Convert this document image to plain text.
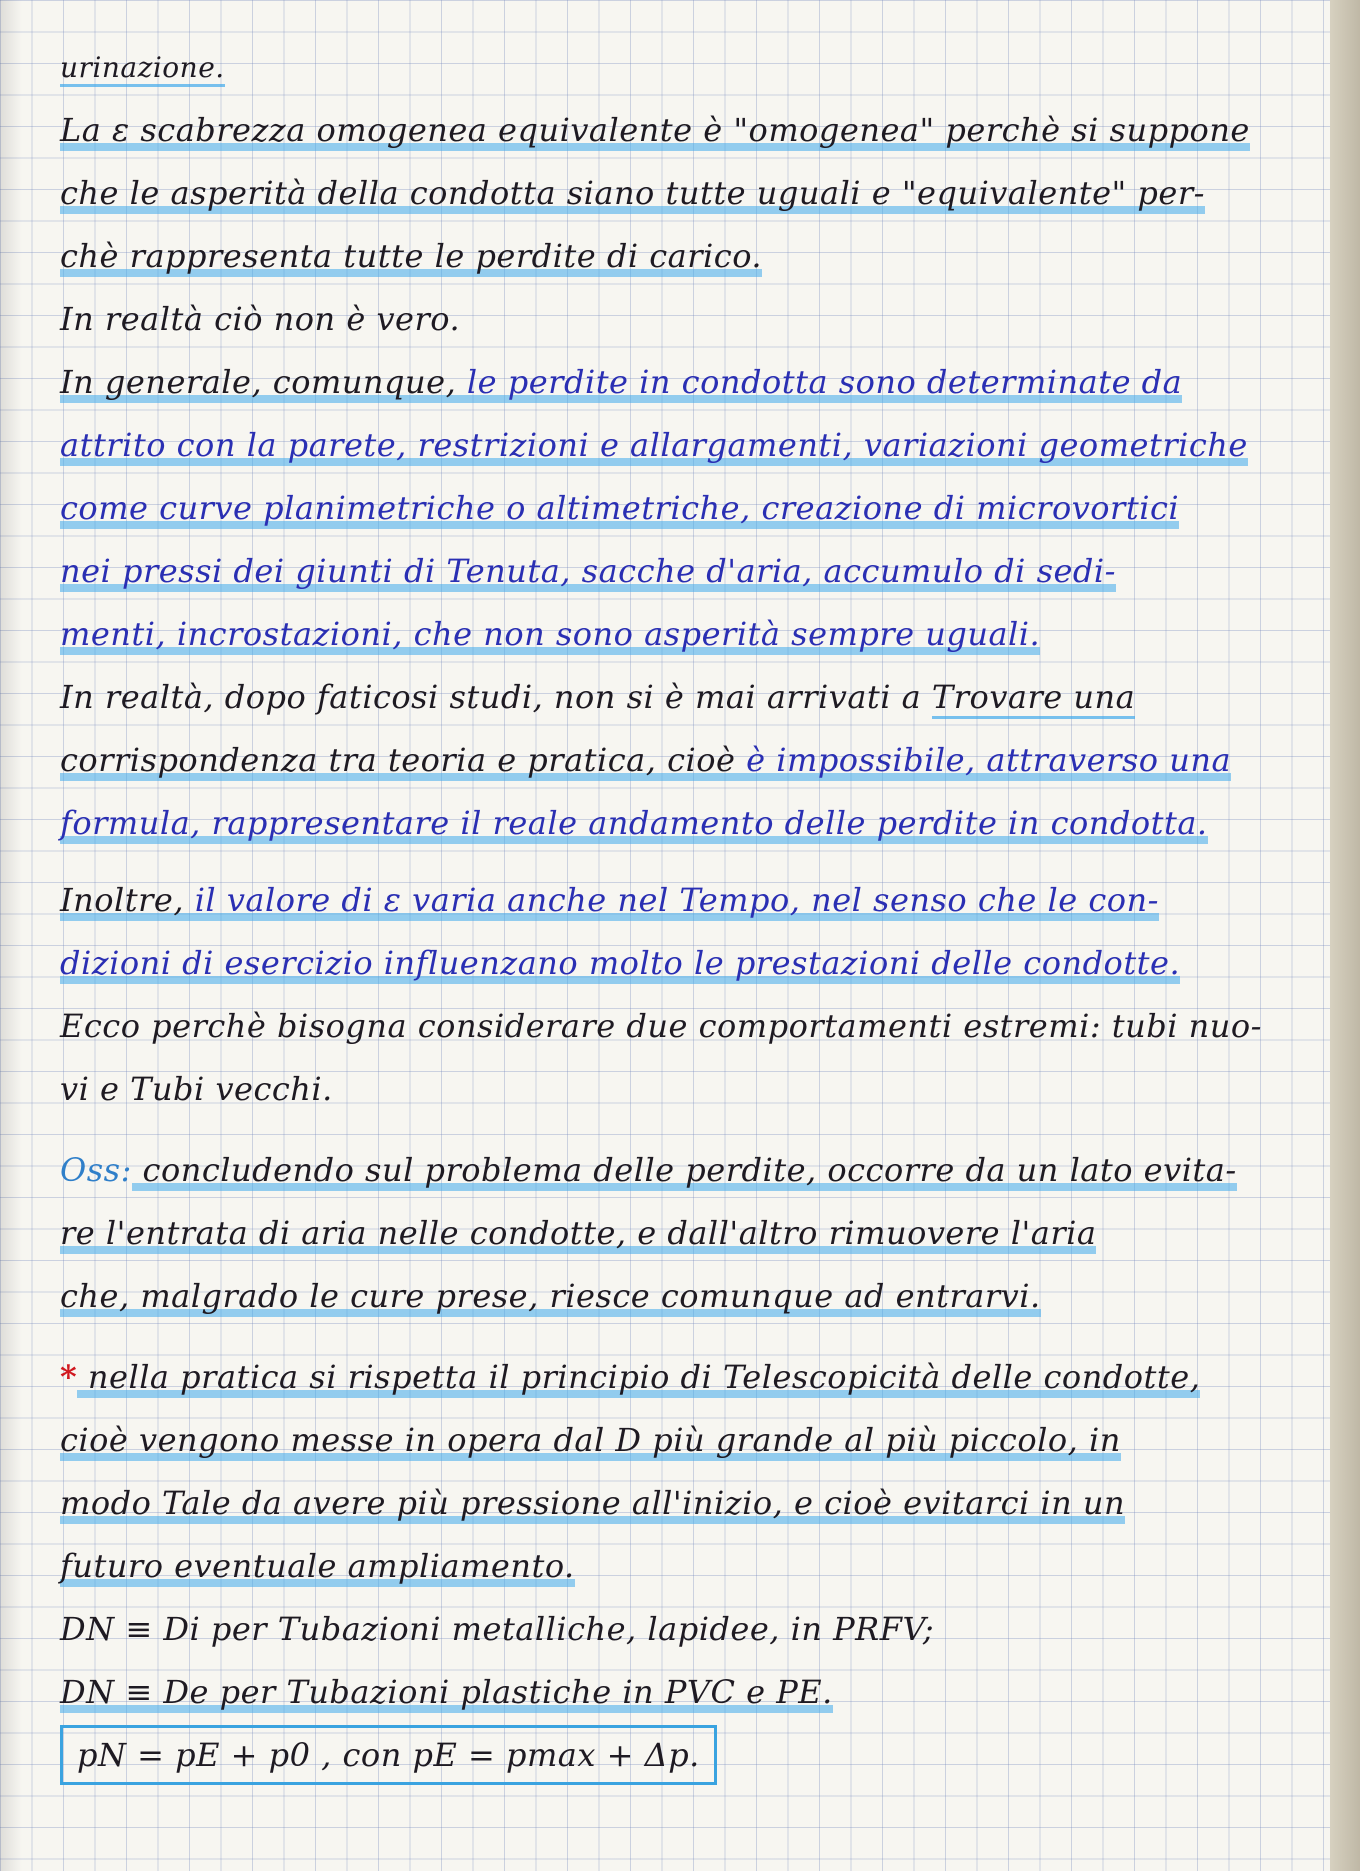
urinazione.
La ε scabrezza omogenea equivalente è "omogenea" perchè si suppone
che le asperità della condotta siano tutte uguali e "equivalente" per-
chè rappresenta tutte le perdite di carico.
In realtà ciò non è vero.
In generale, comunque, le perdite in condotta sono determinate da
attrito con la parete, restrizioni e allargamenti, variazioni geometriche
come curve planimetriche o altimetriche, creazione di microvortici
nei pressi dei giunti di Tenuta, sacche d'aria, accumulo di sedi-
menti, incrostazioni, che non sono asperità sempre uguali.
In realtà, dopo faticosi studi, non si è mai arrivati a Trovare una
corrispondenza tra teoria e pratica, cioè è impossibile, attraverso una
formula, rappresentare il reale andamento delle perdite in condotta.
Inoltre, il valore di ε varia anche nel Tempo, nel senso che le con-
dizioni di esercizio influenzano molto le prestazioni delle condotte.
Ecco perchè bisogna considerare due comportamenti estremi: tubi nuo-
vi e Tubi vecchi.
Oss: concludendo sul problema delle perdite, occorre da un lato evita-
re l'entrata di aria nelle condotte, e dall'altro rimuovere l'aria
che, malgrado le cure prese, riesce comunque ad entrarvi.
* nella pratica si rispetta il principio di Telescopicità delle condotte,
cioè vengono messe in opera dal D più grande al più piccolo, in
modo Tale da avere più pressione all'inizio, e cioè evitarci in un
futuro eventuale ampliamento.
DN ≡ Di per Tubazioni metalliche, lapidee, in PRFV;
DN ≡ De per Tubazioni plastiche in PVC e PE.
pN = pE + p0 , con pE = pmax + Δp.
